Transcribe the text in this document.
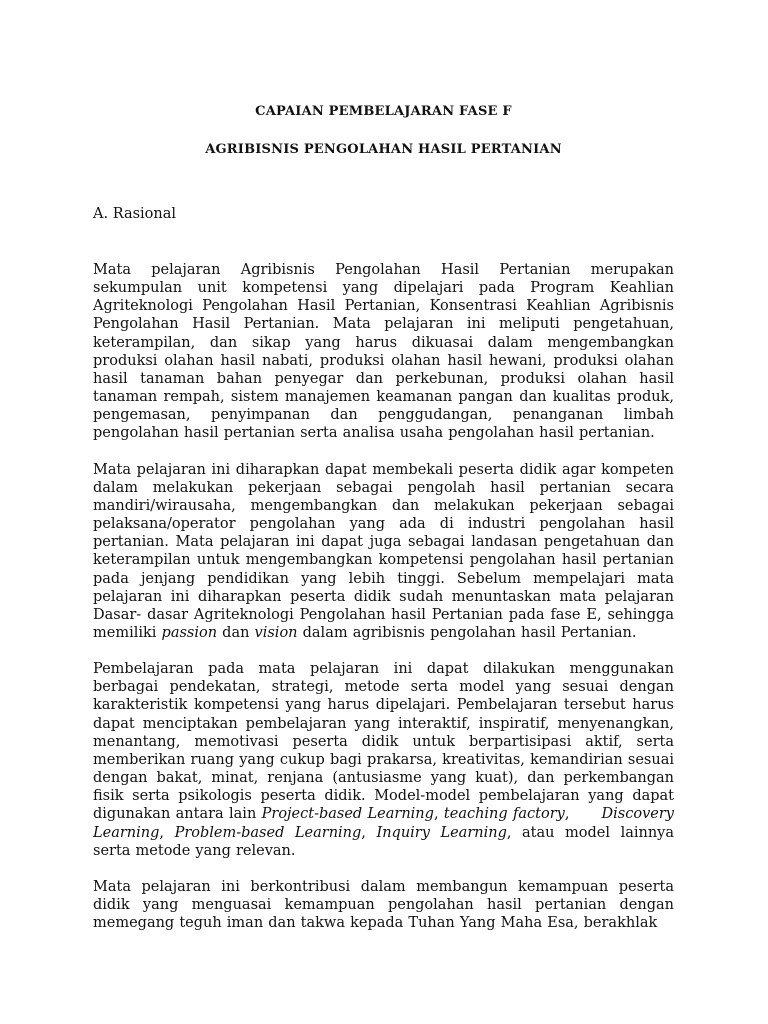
CAPAIAN PEMBELAJARAN FASE F

AGRIBISNIS PENGOLAHAN HASIL PERTANIAN

A. Rasional

Mata pelajaran Agribisnis Pengolahan Hasil Pertanian merupakan sekumpulan unit kompetensi yang dipelajari pada Program Keahlian Agriteknologi Pengolahan Hasil Pertanian, Konsentrasi Keahlian Agribisnis Pengolahan Hasil Pertanian. Mata pelajaran ini meliputi pengetahuan, keterampilan, dan sikap yang harus dikuasai dalam mengembangkan produksi olahan hasil nabati, produksi olahan hasil hewani, produksi olahan hasil tanaman bahan penyegar dan perkebunan, produksi olahan hasil tanaman rempah, sistem manajemen keamanan pangan dan kualitas produk, pengemasan, penyimpanan dan penggudangan, penanganan limbah pengolahan hasil pertanian serta analisa usaha pengolahan hasil pertanian.

Mata pelajaran ini diharapkan dapat membekali peserta didik agar kompeten dalam melakukan pekerjaan sebagai pengolah hasil pertanian secara mandiri/wirausaha, mengembangkan dan melakukan pekerjaan sebagai pelaksana/operator pengolahan yang ada di industri pengolahan hasil pertanian. Mata pelajaran ini dapat juga sebagai landasan pengetahuan dan keterampilan untuk mengembangkan kompetensi pengolahan hasil pertanian pada jenjang pendidikan yang lebih tinggi. Sebelum mempelajari mata pelajaran ini diharapkan peserta didik sudah menuntaskan mata pelajaran Dasar- dasar Agriteknologi Pengolahan hasil Pertanian pada fase E, sehingga memiliki passion dan vision dalam agribisnis pengolahan hasil Pertanian.

Pembelajaran pada mata pelajaran ini dapat dilakukan menggunakan berbagai pendekatan, strategi, metode serta model yang sesuai dengan karakteristik kompetensi yang harus dipelajari. Pembelajaran tersebut harus dapat menciptakan pembelajaran yang interaktif, inspiratif, menyenangkan, menantang, memotivasi peserta didik untuk berpartisipasi aktif, serta memberikan ruang yang cukup bagi prakarsa, kreativitas, kemandirian sesuai dengan bakat, minat, renjana (antusiasme yang kuat), dan perkembangan fisik serta psikologis peserta didik. Model-model pembelajaran yang dapat digunakan antara lain Project-based Learning, teaching factory,      Discovery Learning, Problem-based Learning, Inquiry Learning, atau model lainnya serta metode yang relevan.

Mata pelajaran ini berkontribusi dalam membangun kemampuan peserta didik yang menguasai kemampuan pengolahan hasil pertanian dengan memegang teguh iman dan takwa kepada Tuhan Yang Maha Esa, berakhlak
